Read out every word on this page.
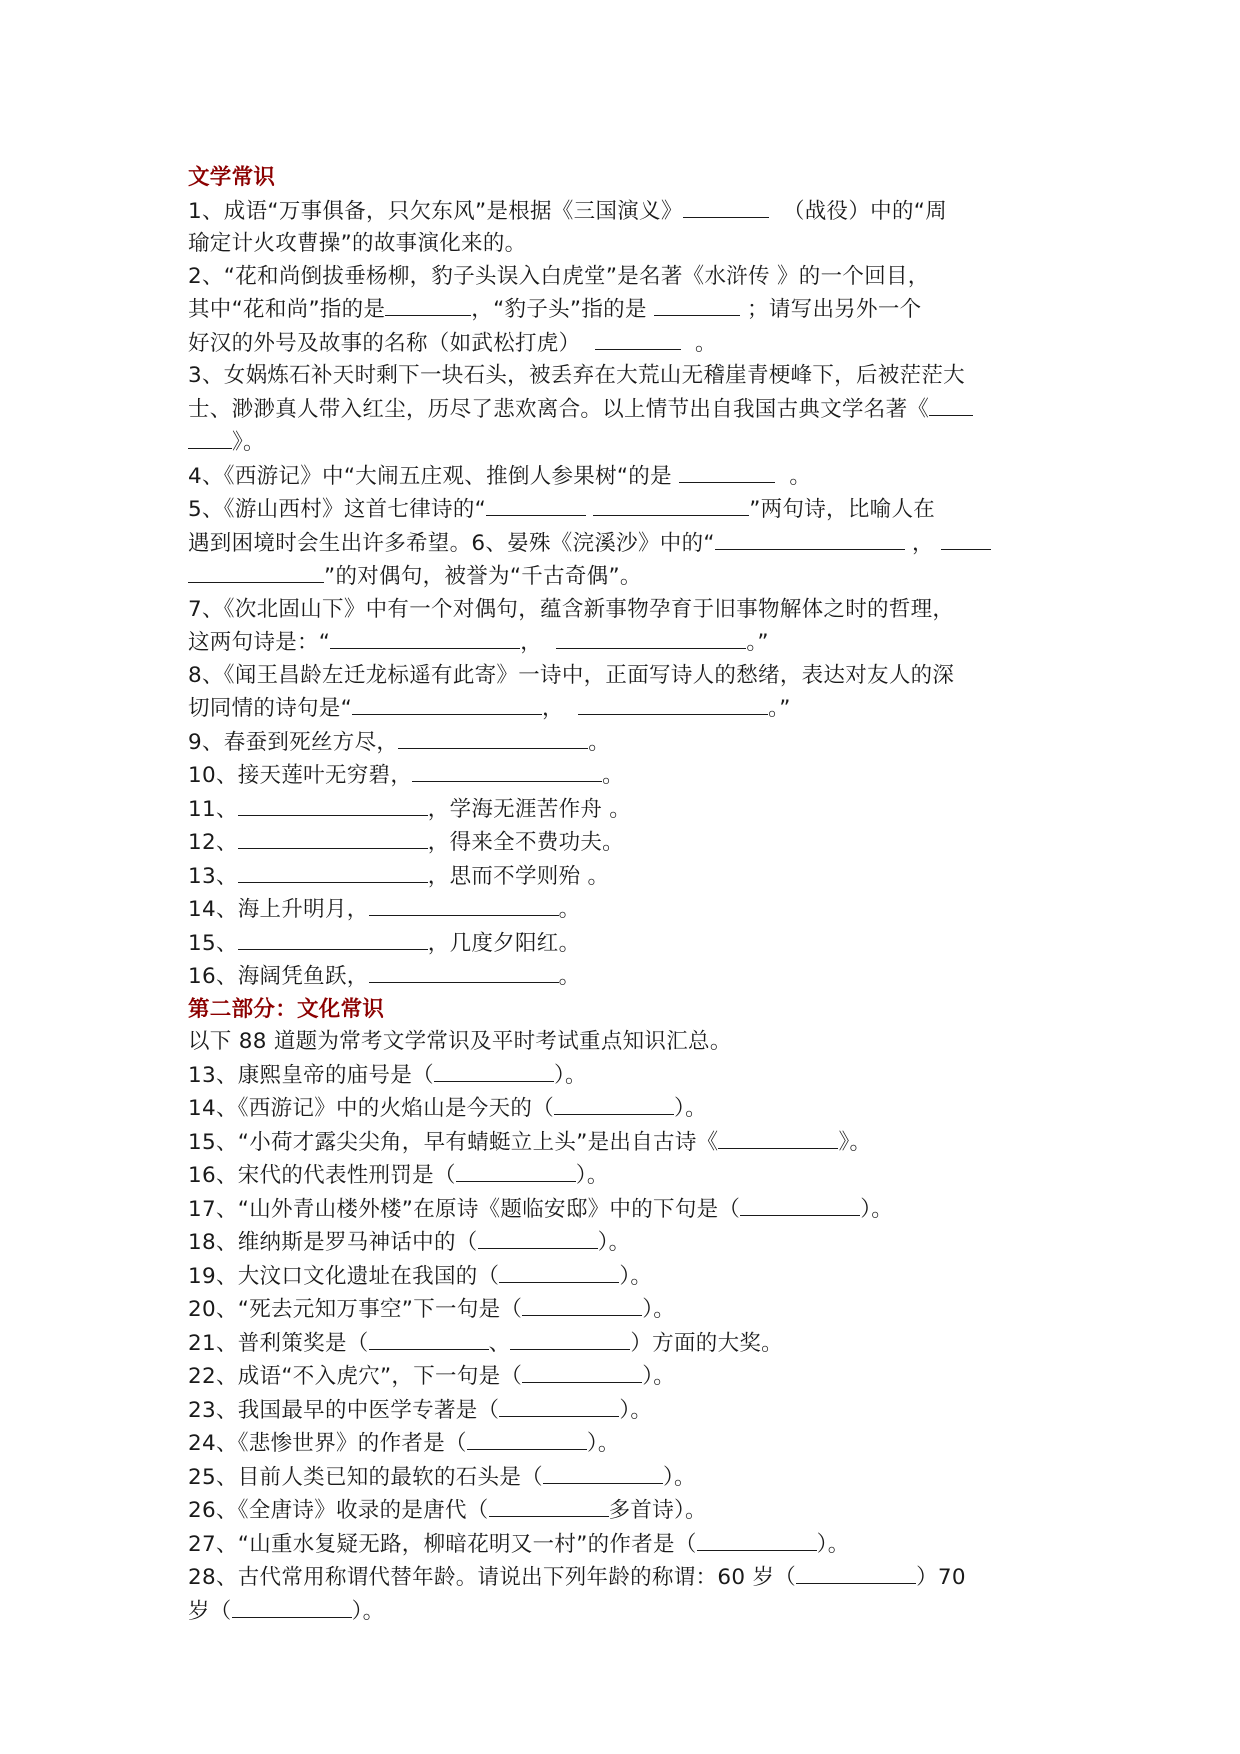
文学常识
1、成语“万事俱备，只欠东风”是根据《三国演义》	（战役）中的“周
瑜定计火攻曹操”的故事演化来的。
2、“花和尚倒拔垂杨柳，豹子头误入白虎堂”是名著《水浒传 》的一个回目，
其中“花和尚”指的是	，“豹子头”指的是	；请写出另外一个
好汉的外号及故事的名称（如武松打虎）	。
3、女娲炼石补天时剩下一块石头，被丢弃在大荒山无稽崖青梗峰下，后被茫茫大
士、渺渺真人带入红尘，历尽了悲欢离合。以上情节出自我国古典文学名著《
》。
4、《西游记》中“大闹五庄观、推倒人参果树“的是	。
5、《游山西村》这首七律诗的“	”两句诗，比喻人在
遇到困境时会生出许多希望。6、晏殊《浣溪沙》中的“	，
”的对偶句，被誉为“千古奇偶”。
7、《次北固山下》中有一个对偶句，蕴含新事物孕育于旧事物解体之时的哲理，
这两句诗是：“	，	。”
8、《闻王昌龄左迁龙标遥有此寄》一诗中，正面写诗人的愁绪，表达对友人的深
切同情的诗句是“	，	。”
9、春蚕到死丝方尽，	。
10、接天莲叶无穷碧，	。
11、	，学海无涯苦作舟 。
12、	，得来全不费功夫。
13、	，思而不学则殆 。
14、海上升明月，	。
15、	，几度夕阳红。
16、海阔凭鱼跃，	。
第二部分：文化常识
以下 88 道题为常考文学常识及平时考试重点知识汇总。
13、康熙皇帝的庙号是（	）。
14、《西游记》中的火焰山是今天的（	）。
15、“小荷才露尖尖角，早有蜻蜓立上头”是出自古诗《	》。
16、宋代的代表性刑罚是（	）。
17、“山外青山楼外楼”在原诗《题临安邸》中的下句是（	）。
18、维纳斯是罗马神话中的（	）。
19、大汶口文化遗址在我国的（	）。
20、“死去元知万事空”下一句是（	）。
21、普利策奖是（	、	）方面的大奖。
22、成语“不入虎穴”，下一句是（	）。
23、我国最早的中医学专著是（	）。
24、《悲惨世界》的作者是（	）。
25、目前人类已知的最软的石头是（	）。
26、《全唐诗》收录的是唐代（	多首诗）。
27、“山重水复疑无路，柳暗花明又一村”的作者是（	）。
28、古代常用称谓代替年龄。请说出下列年龄的称谓：60 岁（	）70
岁（	）。
